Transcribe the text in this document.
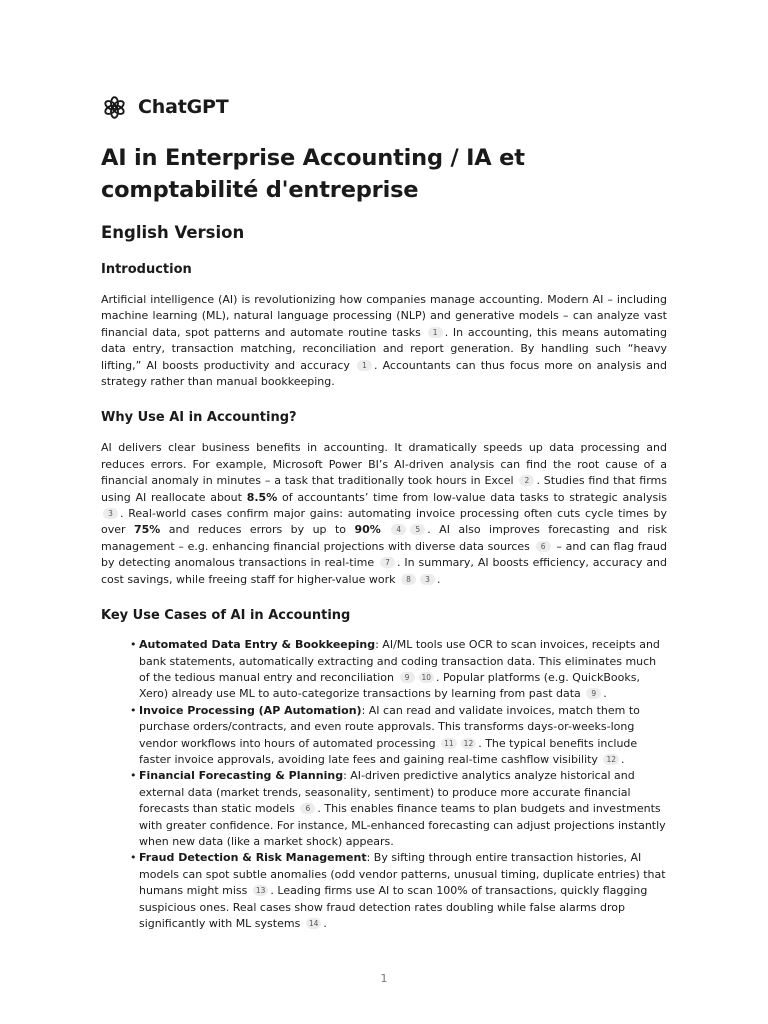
ChatGPT
AI in Enterprise Accounting / IA et comptabilité d'entreprise
English Version
Introduction

Artificial intelligence (AI) is revolutionizing how companies manage accounting. Modern AI – including machine learning (ML), natural language processing (NLP) and generative models – can analyze vast financial data, spot patterns and automate routine tasks 1 . In accounting, this means automating data entry, transaction matching, reconciliation and report generation. By handling such “heavy lifting,” AI boosts productivity and accuracy 1 . Accountants can thus focus more on analysis and strategy rather than manual bookkeeping.

Why Use AI in Accounting?

AI delivers clear business benefits in accounting. It dramatically speeds up data processing and reduces errors. For example, Microsoft Power BI’s AI-driven analysis can find the root cause of a financial anomaly in minutes – a task that traditionally took hours in Excel 2 . Studies find that firms using AI reallocate about 8.5% of accountants’ time from low-value data tasks to strategic analysis 3 . Real-world cases confirm major gains: automating invoice processing often cuts cycle times by over 75% and reduces errors by up to 90% 4 5 . AI also improves forecasting and risk management – e.g. enhancing financial projections with diverse data sources 6 – and can flag fraud by detecting anomalous transactions in real-time 7 . In summary, AI boosts efficiency, accuracy and cost savings, while freeing staff for higher-value work 8 3 .

Key Use Cases of AI in Accounting
• Automated Data Entry & Bookkeeping: AI/ML tools use OCR to scan invoices, receipts and bank statements, automatically extracting and coding transaction data. This eliminates much of the tedious manual entry and reconciliation 9 10 . Popular platforms (e.g. QuickBooks, Xero) already use ML to auto-categorize transactions by learning from past data 9 .
• Invoice Processing (AP Automation): AI can read and validate invoices, match them to purchase orders/contracts, and even route approvals. This transforms days-or-weeks-long vendor workflows into hours of automated processing 11 12 . The typical benefits include faster invoice approvals, avoiding late fees and gaining real-time cashflow visibility 12 .
• Financial Forecasting & Planning: AI-driven predictive analytics analyze historical and external data (market trends, seasonality, sentiment) to produce more accurate financial forecasts than static models 6 . This enables finance teams to plan budgets and investments with greater confidence. For instance, ML-enhanced forecasting can adjust projections instantly when new data (like a market shock) appears.
• Fraud Detection & Risk Management: By sifting through entire transaction histories, AI models can spot subtle anomalies (odd vendor patterns, unusual timing, duplicate entries) that humans might miss 13 . Leading firms use AI to scan 100% of transactions, quickly flagging suspicious ones. Real cases show fraud detection rates doubling while false alarms drop significantly with ML systems 14 .
1
